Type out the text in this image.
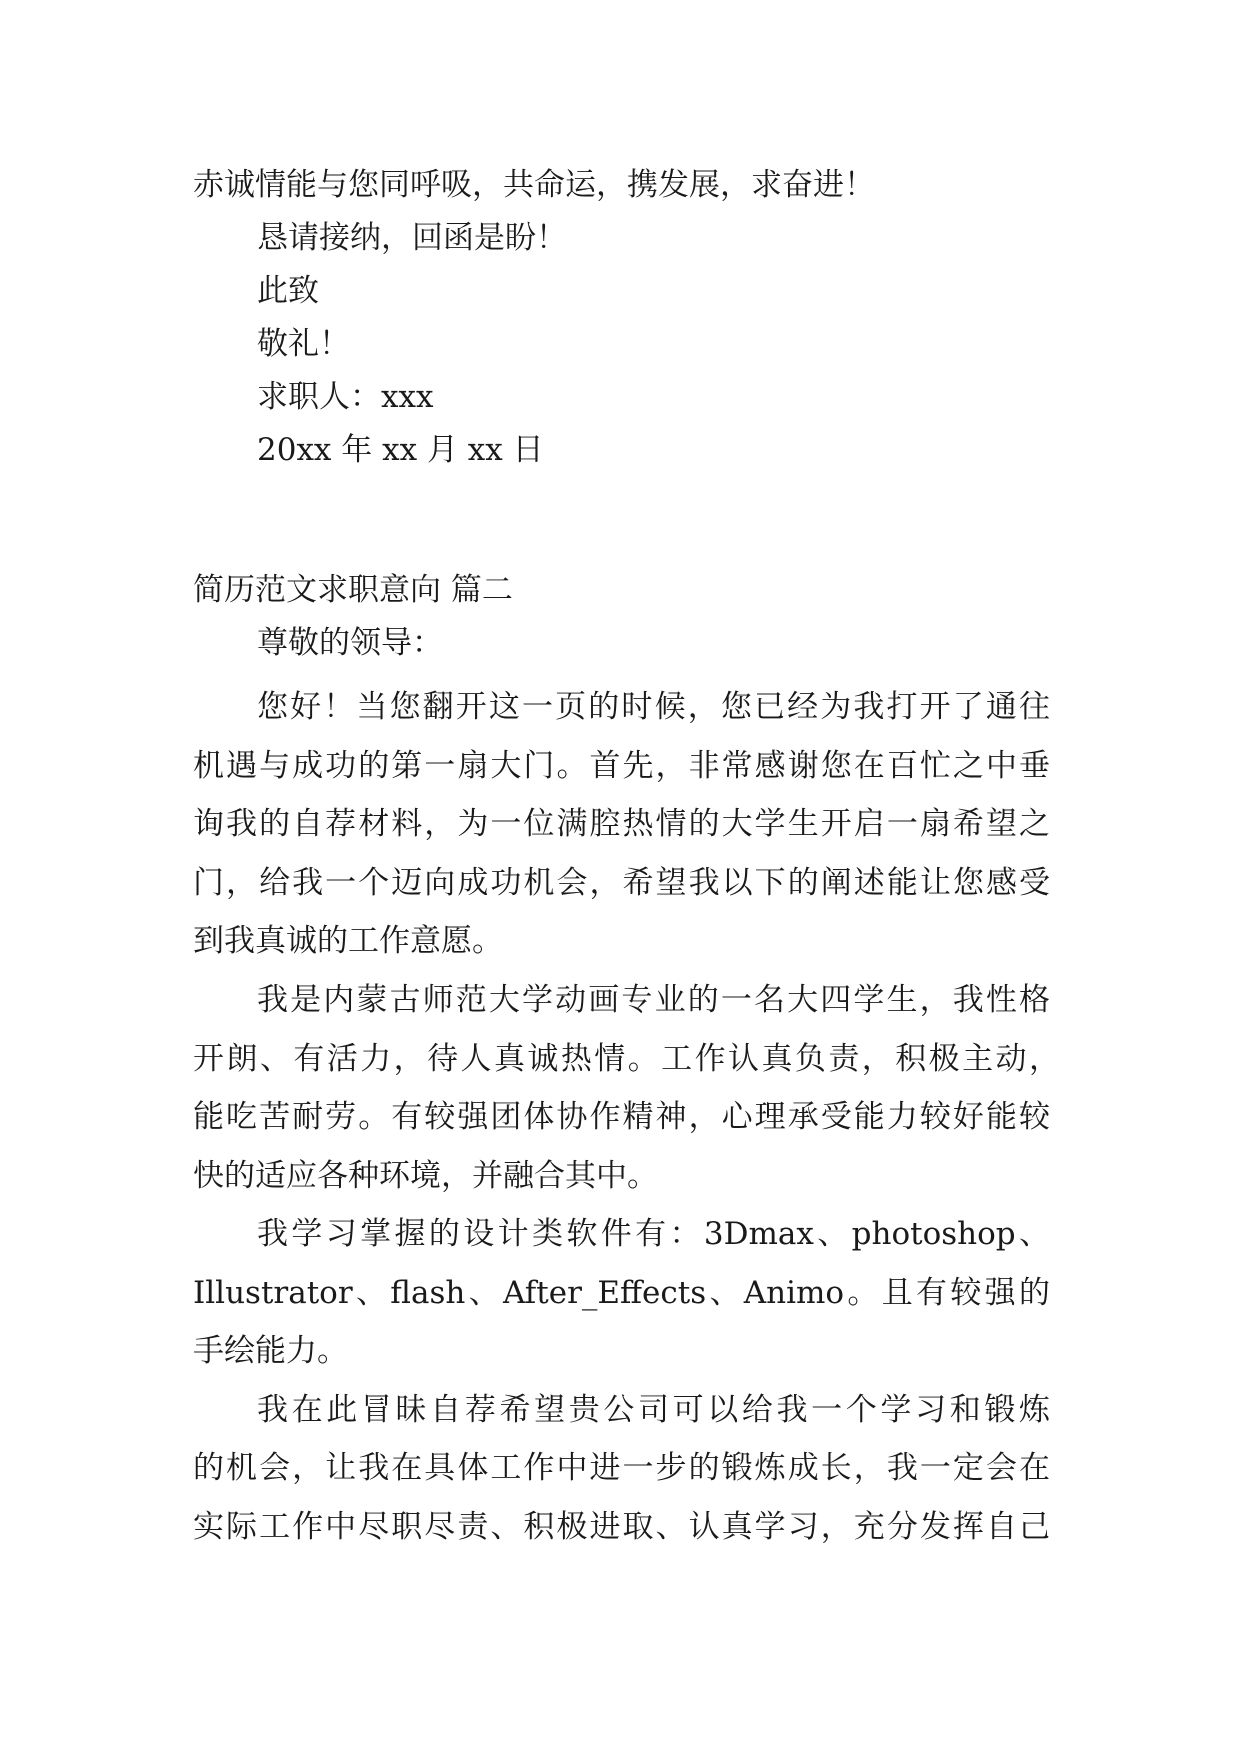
赤诚情能与您同呼吸，共命运，携发展，求奋进！

恳请接纳，回函是盼！

此致

敬礼！

求职人：xxx

20xx 年 xx 月 xx 日

简历范文求职意向 篇二

尊敬的领导：

您好！当您翻开这一页的时候，您已经为我打开了通往

机遇与成功的第一扇大门。首先，非常感谢您在百忙之中垂

询我的自荐材料，为一位满腔热情的大学生开启一扇希望之

门，给我一个迈向成功机会，希望我以下的阐述能让您感受

到我真诚的工作意愿。

我是内蒙古师范大学动画专业的一名大四学生，我性格

开朗、有活力，待人真诚热情。工作认真负责，积极主动，

能吃苦耐劳。有较强团体协作精神，心理承受能力较好能较

快的适应各种环境，并融合其中。

我学习掌握的设计类软件有：3Dmax、photoshop、

Illustrator、flash、After_Effects、Animo。且有较强的

手绘能力。

我在此冒昧自荐希望贵公司可以给我一个学习和锻炼

的机会，让我在具体工作中进一步的锻炼成长，我一定会在

实际工作中尽职尽责、积极进取、认真学习，充分发挥自己
